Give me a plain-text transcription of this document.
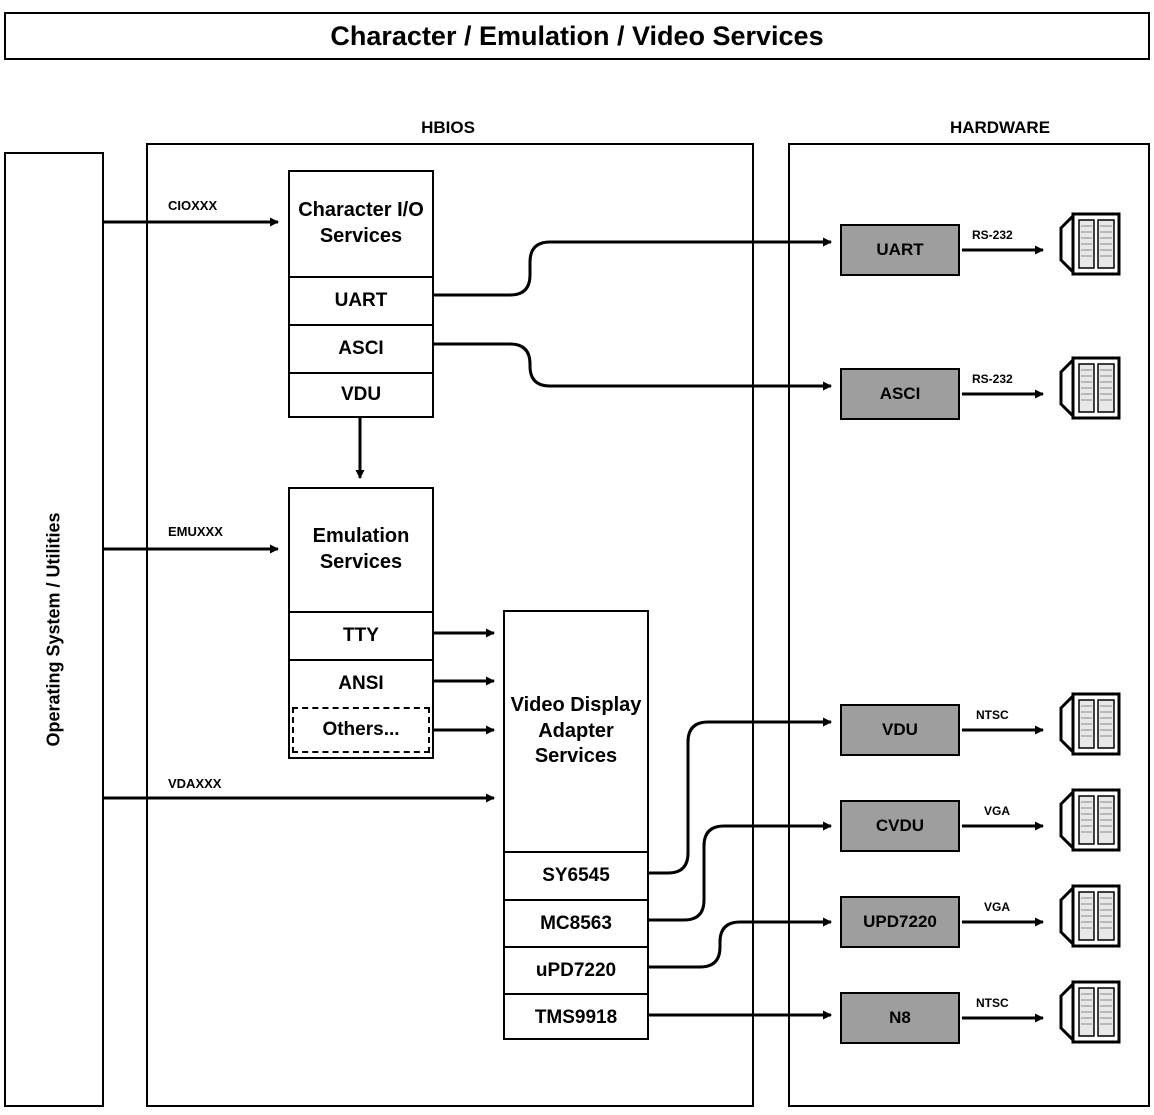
Character / Emulation / Video Services
HBIOS	HARDWARE
Operating System / Utilities
Character I/O Services
UART
ASCI
VDU
Emulation Services
TTY
ANSI
Others...
Video Display Adapter Services
SY6545
MC8563
uPD7220
TMS9918
UART
ASCI
VDU
CVDU
UPD7220
N8
CIOXXX
EMUXXX
VDAXXX
RS-232
RS-232
NTSC
VGA
VGA
NTSC
